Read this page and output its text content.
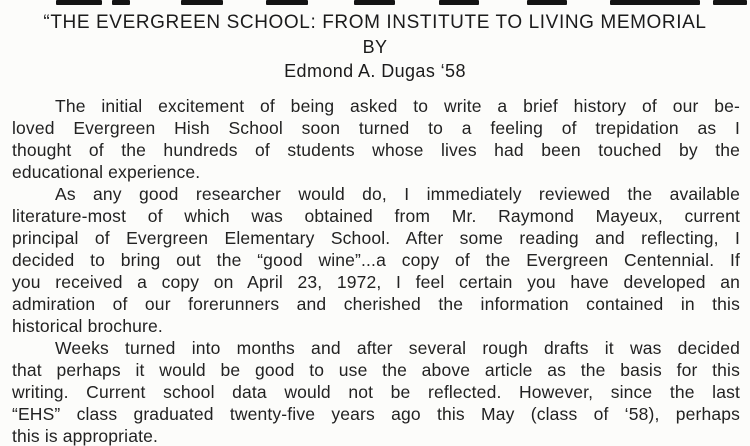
“THE EVERGREEN SCHOOL: FROM INSTITUTE TO LIVING MEMORIAL
BY
Edmond A. Dugas ‘58

The initial excitement of being asked to write a brief history of our be-
loved Evergreen Hish School soon turned to a feeling of trepidation as I
thought of the hundreds of students whose lives had been touched by the
educational experience.

As any good researcher would do, I immediately reviewed the available
literature-most of which was obtained from Mr. Raymond Mayeux, current
principal of Evergreen Elementary School. After some reading and reflecting, I
decided to bring out the “good wine”...a copy of the Evergreen Centennial. If
you received a copy on April 23, 1972, I feel certain you have developed an
admiration of our forerunners and cherished the information contained in this
historical brochure.

Weeks turned into months and after several rough drafts it was decided
that perhaps it would be good to use the above article as the basis for this
writing. Current school data would not be reflected. However, since the last
“EHS” class graduated twenty-five years ago this May (class of ‘58), perhaps
this is appropriate.
